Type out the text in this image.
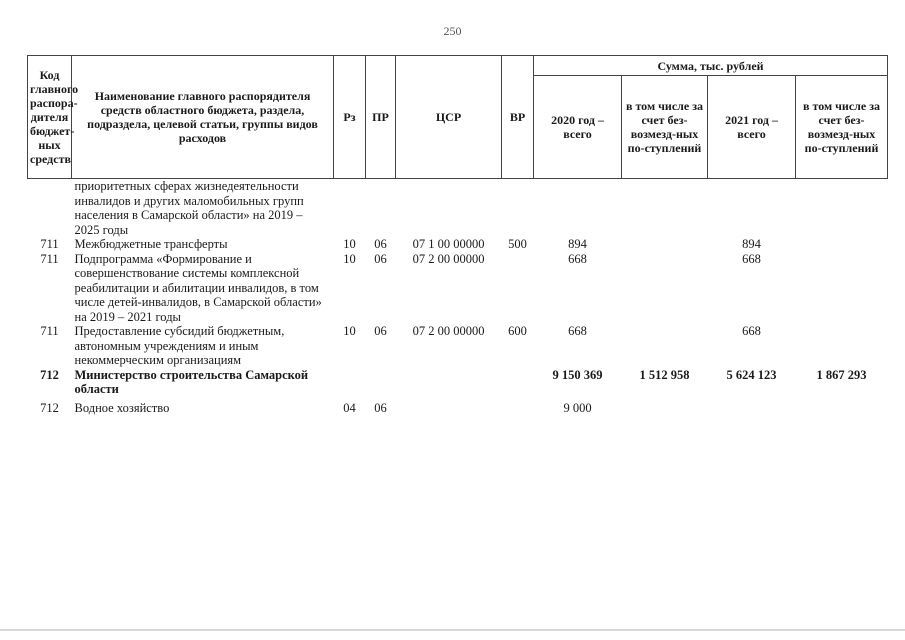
250
Код главного распора-дителя бюджет-ных средств	Наименование главного распорядителя средств областного бюджета, раздела, подраздела, целевой статьи, группы видов расходов	Рз	ПР	ЦСР	ВР	Сумма, тыс. рублей			
						2020 год – всего	в том числе за счет без-возмезд-ных по-ступлений	2021 год – всего	в том числе за счет без-возмезд-ных по-ступлений
	приоритетных сферах жизнедеятельности инвалидов и других маломобильных групп населения в Самарской области» на 2019 – 2025 годы								
711	Межбюджетные трансферты	10	06	07 1 00 00000	500	894		894	
711	Подпрограмма «Формирование и совершенствование системы комплексной реабилитации и абилитации инвалидов, в том числе детей-инвалидов, в Самарской области» на 2019 – 2021 годы	10	06	07 2 00 00000		668		668	
711	Предоставление субсидий бюджетным, автономным учреждениям и иным некоммерческим организациям	10	06	07 2 00 00000	600	668		668	
712	Министерство строительства Самарской области					9 150 369	1 512 958	5 624 123	1 867 293
712	Водное хозяйство	04	06			9 000			
